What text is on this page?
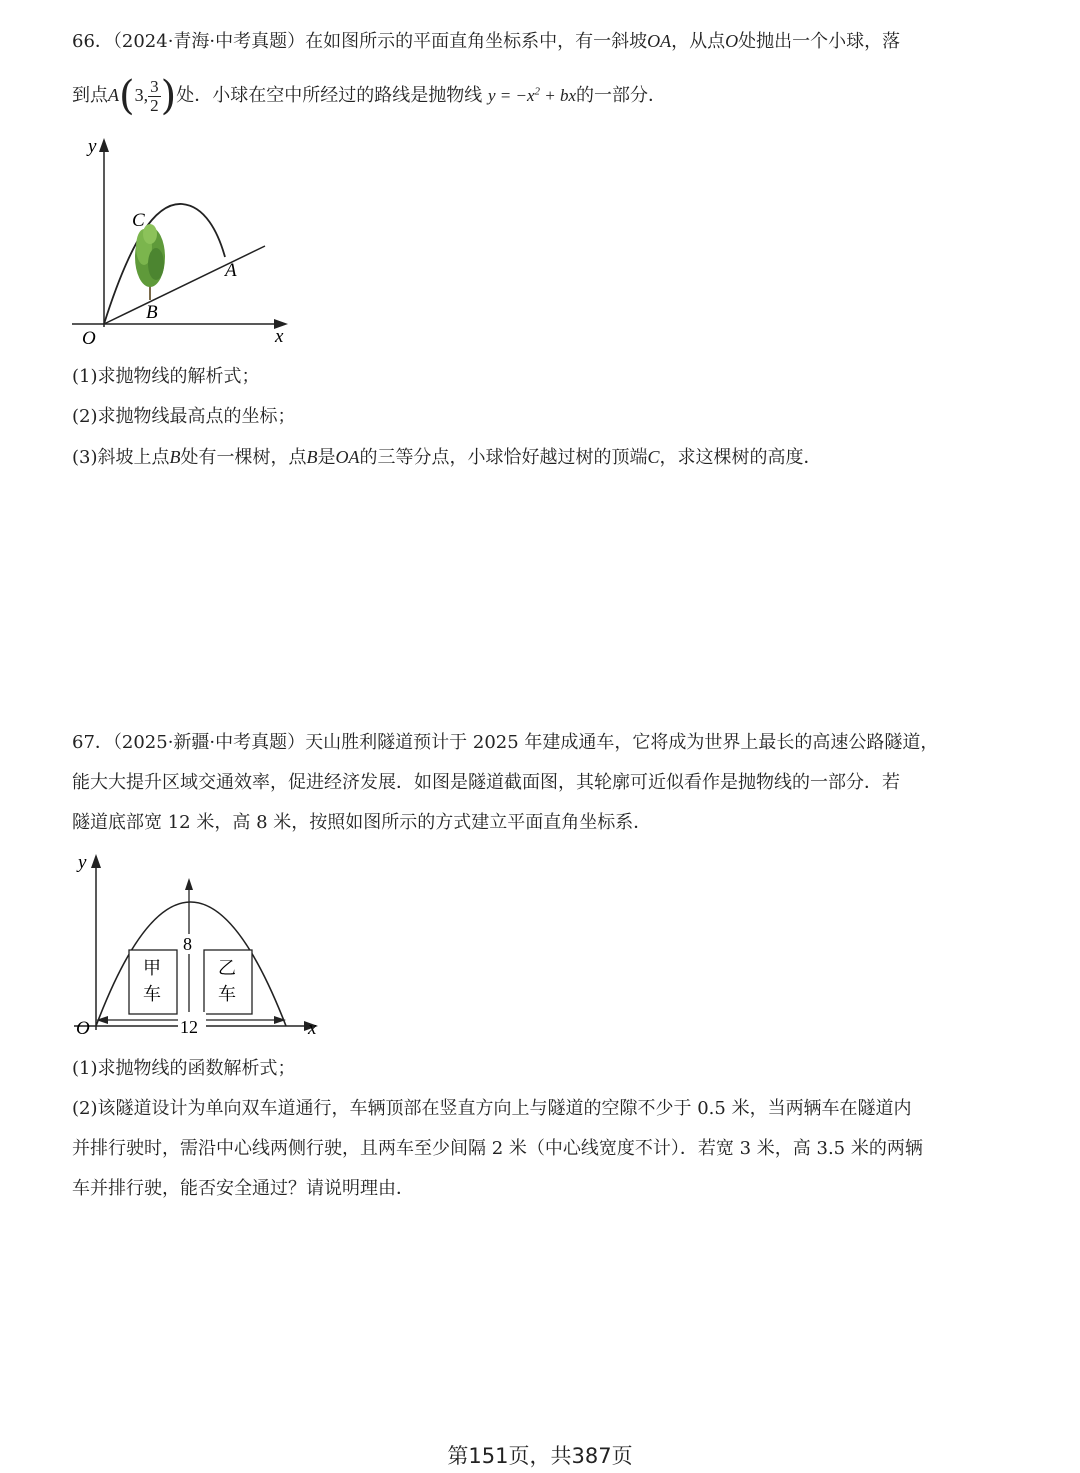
66．（2024·青海·中考真题）在如图所示的平面直角坐标系中，有一斜坡OA，从点O处抛出一个小球，落
到点A(3, $\frac{3}{2}$ )处．小球在空中所经过的路线是抛物线 $y = -x^2$ + bx的一部分．
y
x
O
A
B
C
(1)求抛物线的解析式；
(2)求抛物线最高点的坐标；
(3)斜坡上点B处有一棵树，点B是OA的三等分点，小球恰好越过树的顶端C，求这棵树的高度．
67．（2025·新疆·中考真题）天山胜利隧道预计于 2025 年建成通车，它将成为世界上最长的高速公路隧道，
能大大提升区域交通效率，促进经济发展．如图是隧道截面图，其轮廓可近似看作是抛物线的一部分．若
隧道底部宽 12 米，高 8 米，按照如图所示的方式建立平面直角坐标系．
甲
车
乙
车
8
12
y
x
O
(1)求抛物线的函数解析式；
(2)该隧道设计为单向双车道通行，车辆顶部在竖直方向上与隧道的空隙不少于 0.5 米，当两辆车在隧道内
并排行驶时，需沿中心线两侧行驶，且两车至少间隔 2 米（中心线宽度不计）．若宽 3 米，高 3.5 米的两辆
车并排行驶，能否安全通过？请说明理由．
第151页，共387页
